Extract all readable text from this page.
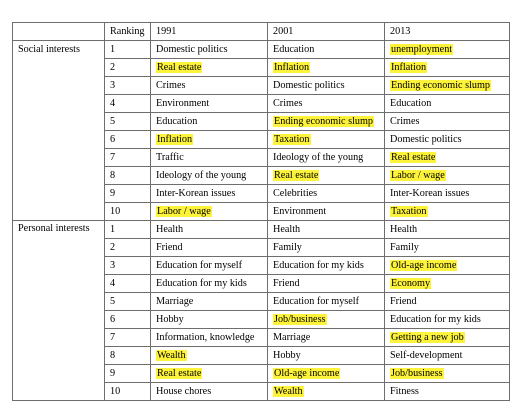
	Ranking	1991	2001	2013
Social interests	1	Domestic politics	Education	unemployment
	2	Real estate	Inflation	Inflation
	3	Crimes	Domestic politics	Ending economic slump
	4	Environment	Crimes	Education
	5	Education	Ending economic slump	Crimes
	6	Inflation	Taxation	Domestic politics
	7	Traffic	Ideology of the young	Real estate
	8	Ideology of the young	Real estate	Labor / wage
	9	Inter-Korean issues	Celebrities	Inter-Korean issues
	10	Labor / wage	Environment	Taxation
Personal interests	1	Health	Health	Health
	2	Friend	Family	Family
	3	Education for myself	Education for my kids	Old-age income
	4	Education for my kids	Friend	Economy
	5	Marriage	Education for myself	Friend
	6	Hobby	Job/business	Education for my kids
	7	Information, knowledge	Marriage	Getting a new job
	8	Wealth	Hobby	Self-development
	9	Real estate	Old-age income	Job/business
	10	House chores	Wealth	Fitness
